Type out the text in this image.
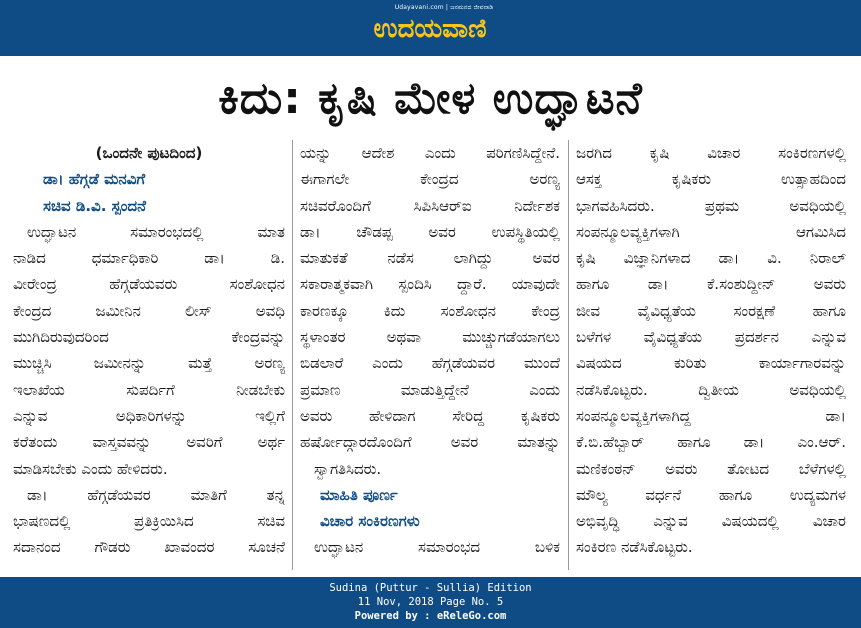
Udayavani.com | ಜನಮನದ ಜೀವನಾಡಿ
ಉದಯವಾಣಿ
ಕಿದು: ಕೃಷಿ ಮೇಳ ಉದ್ಘಾಟನೆ
(ಒಂದನೇ ಪುಟದಿಂದ)
ಡಾ। ಹೆಗ್ಗಡೆ ಮನವಿಗೆ
ಸಚಿವ ಡಿ.ವಿ. ಸ್ಪಂದನೆ
ಉದ್ಘಾಟನ ಸಮಾರಂಭದಲ್ಲಿ ಮಾತ
ನಾಡಿದ ಧರ್ಮಾಧಿಕಾರಿ ಡಾ। ಡಿ.
ವೀರೇಂದ್ರ ಹೆಗ್ಗಡೆಯವರು ಸಂಶೋಧನ
ಕೇಂದ್ರದ ಜಮೀನಿನ ಲೀಸ್ ಅವಧಿ
ಮುಗಿದಿರುವುದರಿಂದ ಕೇಂದ್ರವನ್ನು
ಮುಚ್ಚಿಸಿ ಜಮೀನನ್ನು ಮತ್ತೆ ಅರಣ್ಯ
ಇಲಾಖೆಯ ಸುಪರ್ದಿಗೆ ನೀಡಬೇಕು
ಎನ್ನುವ ಅಧಿಕಾರಿಗಳನ್ನು ಇಲ್ಲಿಗೆ
ಕರೆತಂದು ವಾಸ್ತವವನ್ನು ಅವರಿಗೆ ಅರ್ಥ
ಮಾಡಿಸಬೇಕು ಎಂದು ಹೇಳಿದರು.
ಡಾ। ಹೆಗ್ಗಡೆಯವರ ಮಾತಿಗೆ ತನ್ನ
ಭಾಷಣದಲ್ಲಿ ಪ್ರತಿಕ್ರಿಯಿಸಿದ ಸಚಿವ
ಸದಾನಂದ ಗೌಡರು ಖಾವಂದರ ಸೂಚನೆ
ಯನ್ನು ಆದೇಶ ಎಂದು ಪರಿಗಣಿಸಿದ್ದೇನೆ.
ಈಗಾಗಲೇ ಕೇಂದ್ರದ ಅರಣ್ಯ
ಸಚಿವರೊಂದಿಗೆ ಸಿಪಿಸಿಆರ್‌ಐ ನಿರ್ದೇಶಕ
ಡಾ। ಚೌಡಪ್ಪ ಅವರ ಉಪಸ್ಥಿತಿಯಲ್ಲಿ
ಮಾತುಕತೆ ನಡೆಸ ಲಾಗಿದ್ದು ಅವರ
ಸಕಾರಾತ್ಮಕವಾಗಿ ಸ್ಪಂದಿಸಿ ದ್ದಾರೆ. ಯಾವುದೇ
ಕಾರಣಕ್ಕೂ ಕಿದು ಸಂಶೋಧನ ಕೇಂದ್ರ
ಸ್ಥಳಾಂತರ ಅಥವಾ ಮುಚ್ಚುಗಡೆಯಾಗಲು
ಬಿಡಲಾರೆ ಎಂದು ಹೆಗ್ಗಡೆಯವರ ಮುಂದೆ
ಪ್ರಮಾಣ ಮಾಡುತ್ತಿದ್ದೇನೆ ಎಂದು
ಅವರು ಹೇಳಿದಾಗ ಸೇರಿದ್ದ ಕೃಷಿಕರು
ಹರ್ಷೋದ್ಗಾರದೊಂದಿಗೆ ಅವರ ಮಾತನ್ನು
ಸ್ವಾಗತಿಸಿದರು.
ಮಾಹಿತಿ ಪೂರ್ಣ
ವಿಚಾರ ಸಂಕಿರಣಗಳು
ಉದ್ಘಾಟನ ಸಮಾರಂಭದ ಬಳಿಕ
ಜರಗಿದ ಕೃಷಿ ವಿಚಾರ ಸಂಕಿರಣಗಳಲ್ಲಿ
ಆಸಕ್ತ ಕೃಷಿಕರು ಉತ್ಸಾಹದಿಂದ
ಭಾಗವಹಿಸಿದರು. ಪ್ರಥಮ ಅವಧಿಯಲ್ಲಿ
ಸಂಪನ್ಮೂಲವ್ಯಕ್ತಿಗಳಾಗಿ ಆಗಮಿಸಿದ
ಕೃಷಿ ವಿಜ್ಞಾನಿಗಳಾದ ಡಾ। ವಿ. ನಿರಾಲ್
ಹಾಗೂ ಡಾ। ಕೆ.ಸಂಶುದ್ದೀನ್ ಅವರು
ಜೀವ ವೈವಿಧ್ಯತೆಯ ಸಂರಕ್ಷಣೆ ಹಾಗೂ
ಬಳೆಗಳ ವೈವಿಧ್ಯತೆಯ ಪ್ರದರ್ಶನ ಎನ್ನುವ
ವಿಷಯದ ಕುರಿತು ಕಾರ್ಯಾಗಾರವನ್ನು
ನಡೆಸಿಕೊಟ್ಟರು. ದ್ವಿತೀಯ ಅವಧಿಯಲ್ಲಿ
ಸಂಪನ್ಮೂಲವ್ಯಕ್ತಿಗಳಾಗಿದ್ದ ಡಾ।
ಕೆ.ಬಿ.ಹೆಬ್ಬಾರ್ ಹಾಗೂ ಡಾ। ಎಂ.ಆರ್.
ಮಣಿಕಂಠನ್ ಅವರು ತೋಟದ ಬೆಳೆಗಳಲ್ಲಿ
ಮೌಲ್ಯ ವರ್ಧನೆ ಹಾಗೂ ಉದ್ಯಮಗಳ
ಅಭಿವೃದ್ಧಿ ಎನ್ನುವ ವಿಷಯದಲ್ಲಿ ವಿಚಾರ
ಸಂಕಿರಣ ನಡೆಸಿಕೊಟ್ಟರು.
Sudina (Puttur - Sullia) Edition
11 Nov, 2018 Page No. 5
Powered by : eReleGo.com
